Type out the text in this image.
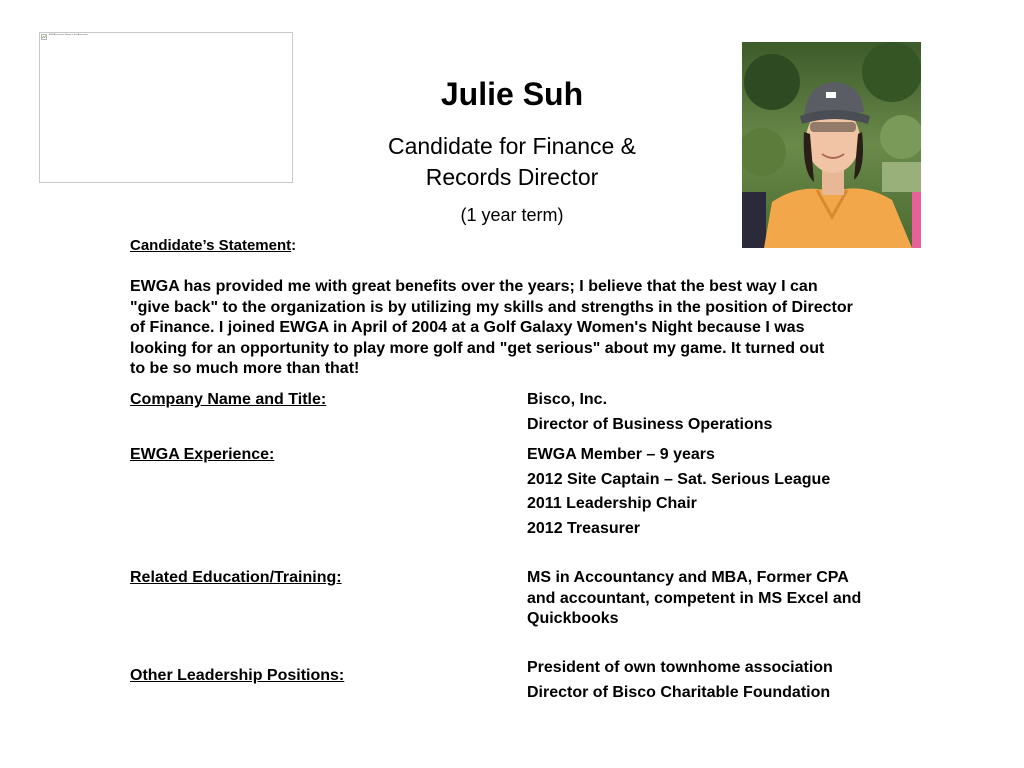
EWGA Executive Women's Golf Association
Julie Suh
Candidate for Finance &
Records Director
(1 year term)
Candidate’s Statement:
EWGA has provided me with great benefits over the years; I believe that the best way I can
"give back" to the organization is by utilizing my skills and strengths in the position of Director
of Finance. I joined EWGA in April of 2004 at a Golf Galaxy Women's Night because I was
looking for an opportunity to play more golf and "get serious" about my game. It turned out
to be so much more than that!
Company Name and Title:	Bisco, Inc.
Director of Business Operations
EWGA Experience:	EWGA Member – 9 years
2012 Site Captain – Sat. Serious League
2011 Leadership Chair
2012 Treasurer
Related Education/Training:	MS in Accountancy and MBA, Former CPA
and accountant, competent in MS Excel and
Quickbooks
Other Leadership Positions:	President of own townhome association
Director of Bisco Charitable Foundation
